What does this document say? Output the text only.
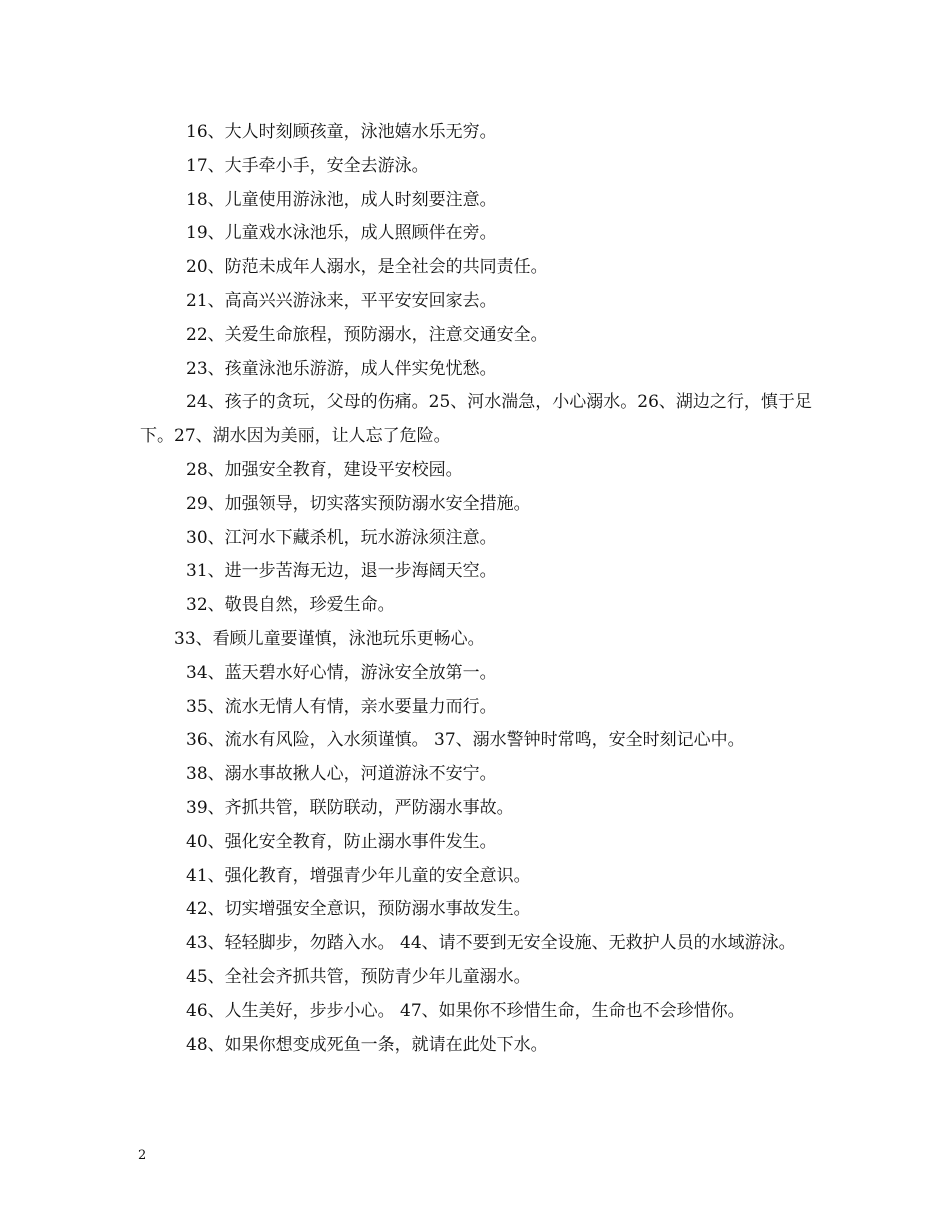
16、大人时刻顾孩童，泳池嬉水乐无穷。

17、大手牵小手，安全去游泳。

18、儿童使用游泳池，成人时刻要注意。

19、儿童戏水泳池乐，成人照顾伴在旁。

20、防范未成年人溺水，是全社会的共同责任。

21、高高兴兴游泳来，平平安安回家去。

22、关爱生命旅程，预防溺水，注意交通安全。

23、孩童泳池乐游游，成人伴实免忧愁。

24、孩子的贪玩，父母的伤痛。25、河水湍急，小心溺水。26、湖边之行，慎于足下。27、湖水因为美丽，让人忘了危险。

28、加强安全教育，建设平安校园。

29、加强领导，切实落实预防溺水安全措施。

30、江河水下藏杀机，玩水游泳须注意。

31、进一步苦海无边，退一步海阔天空。

32、敬畏自然，珍爱生命。

33、看顾儿童要谨慎，泳池玩乐更畅心。

34、蓝天碧水好心情，游泳安全放第一。

35、流水无情人有情，亲水要量力而行。

36、流水有风险，入水须谨慎。 37、溺水警钟时常鸣，安全时刻记心中。

38、溺水事故揪人心，河道游泳不安宁。

39、齐抓共管，联防联动，严防溺水事故。

40、强化安全教育，防止溺水事件发生。

41、强化教育，增强青少年儿童的安全意识。

42、切实增强安全意识，预防溺水事故发生。

43、轻轻脚步，勿踏入水。 44、请不要到无安全设施、无救护人员的水域游泳。

45、全社会齐抓共管，预防青少年儿童溺水。

46、人生美好，步步小心。 47、如果你不珍惜生命，生命也不会珍惜你。

48、如果你想变成死鱼一条，就请在此处下水。

2
